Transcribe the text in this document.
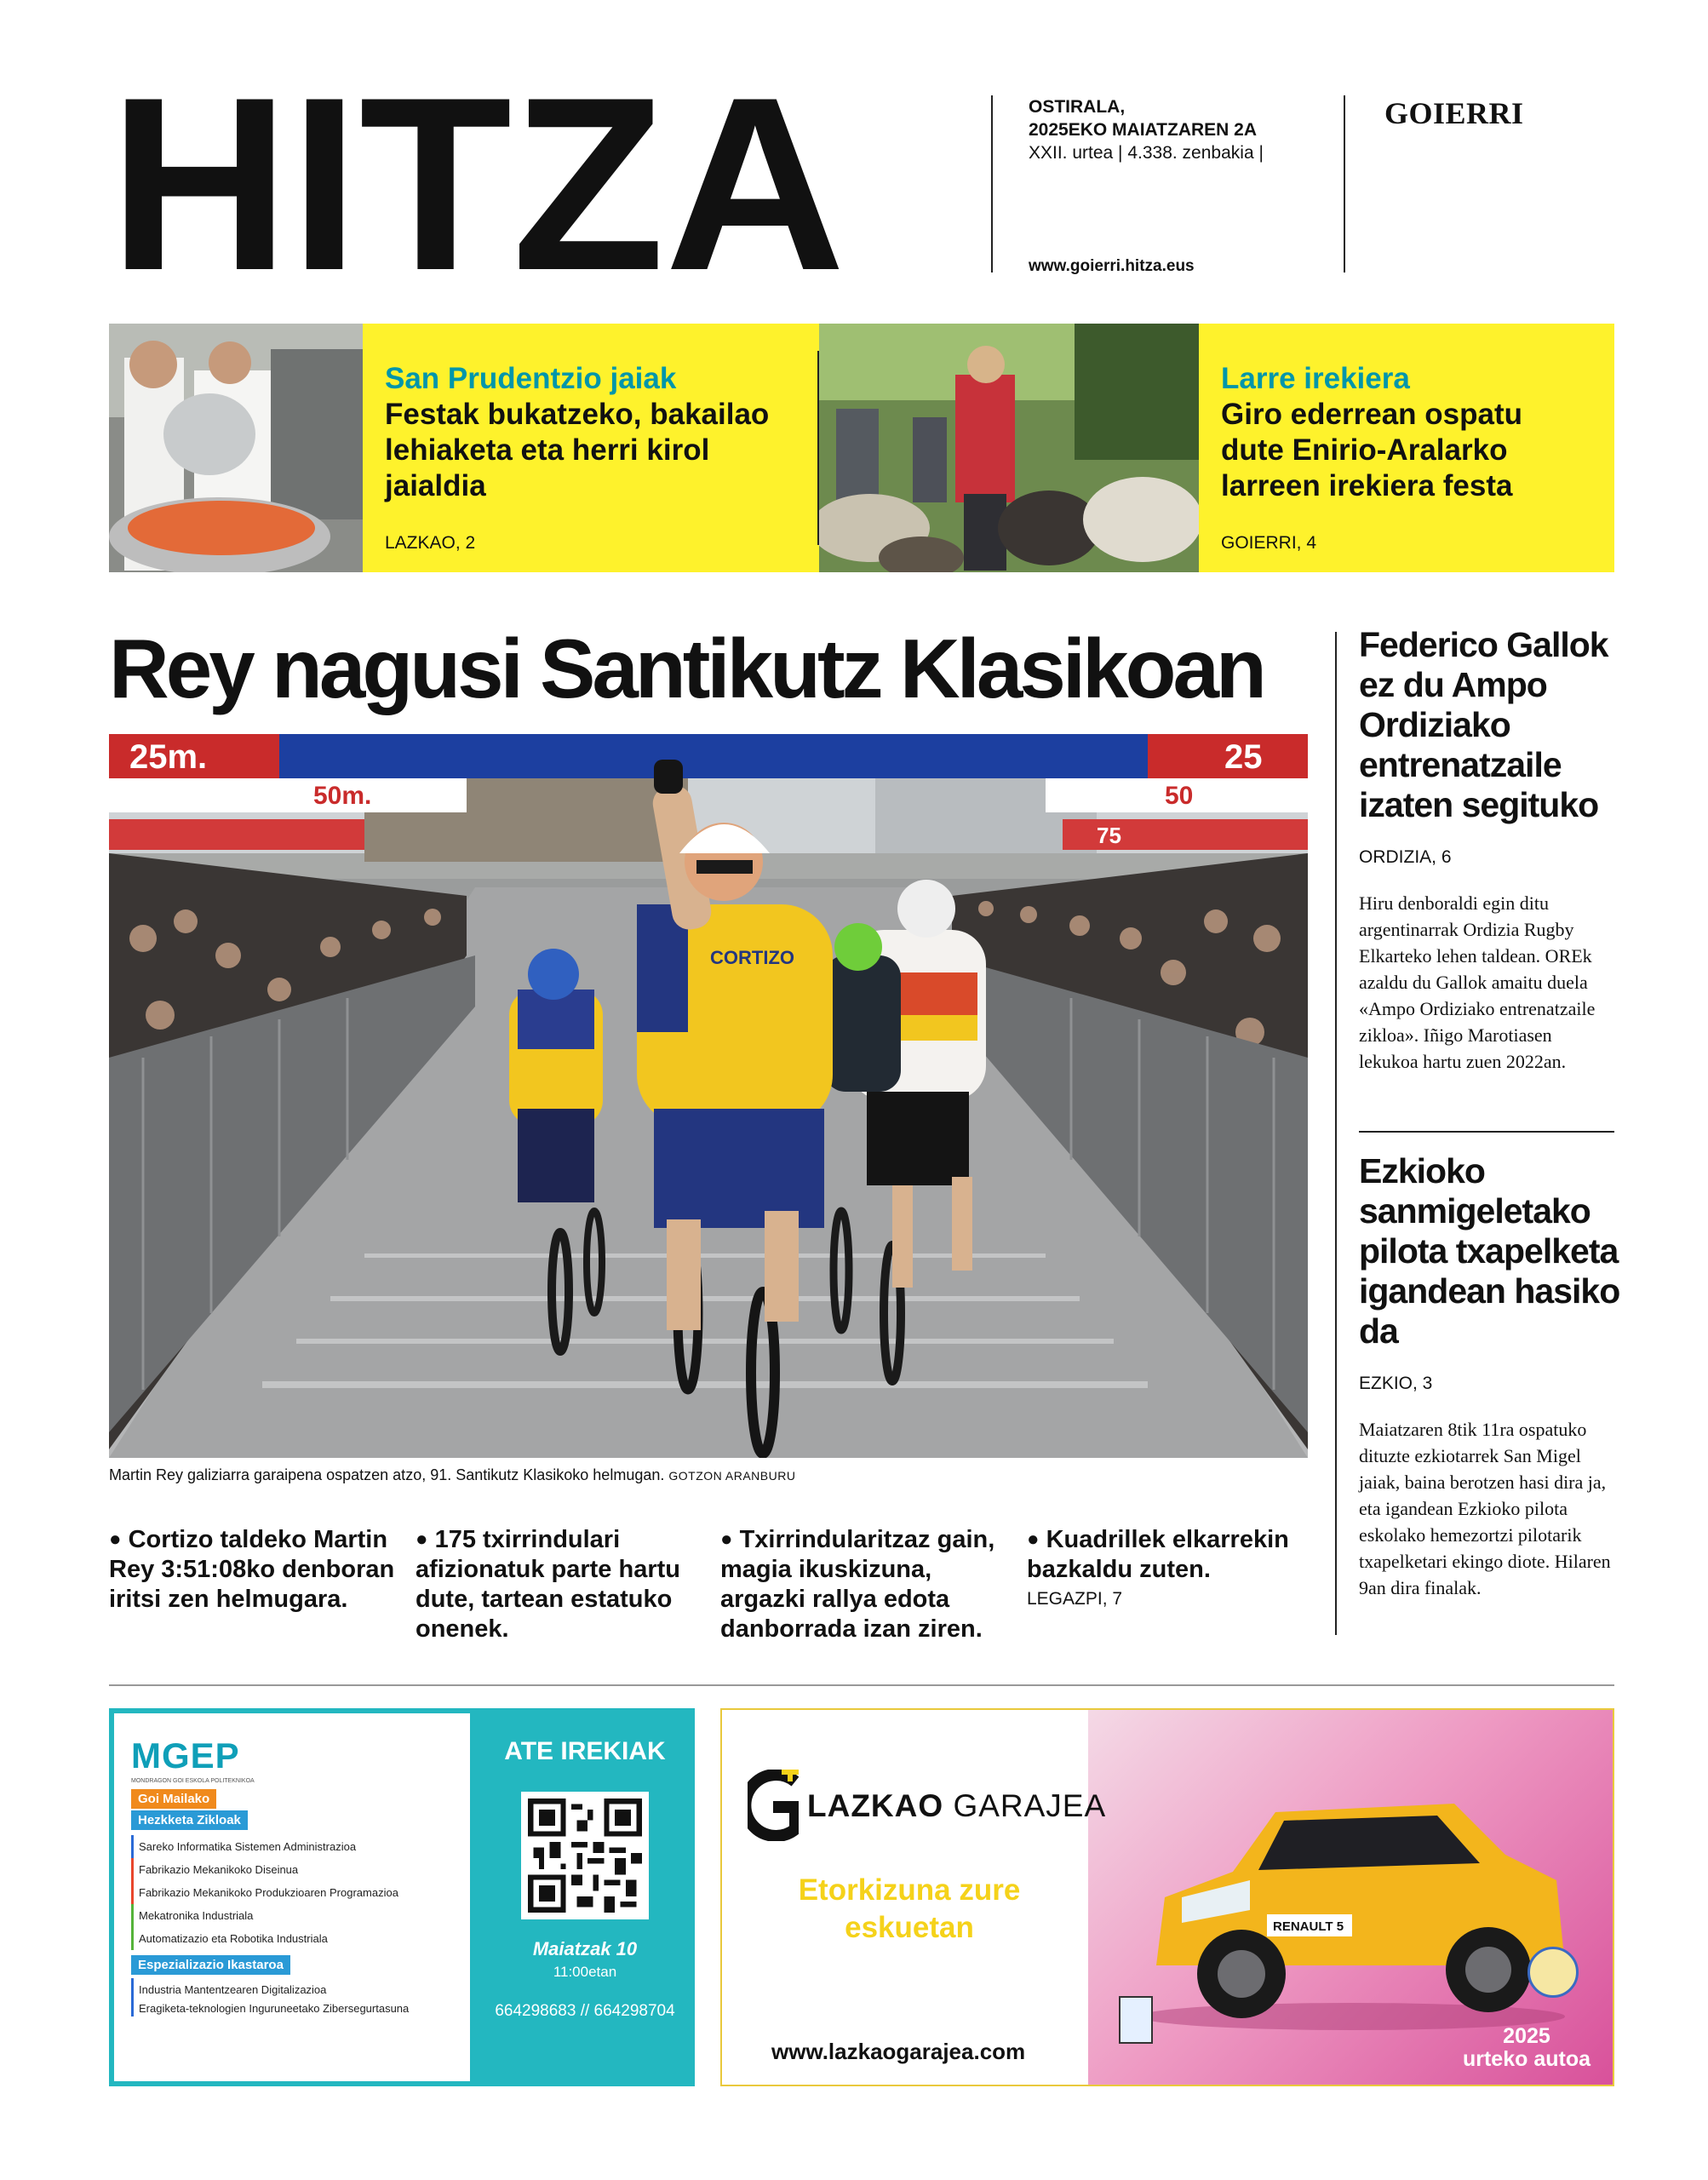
HITZA	OSTIRALA,
2025EKO MAIATZAREN 2A
XXII. urtea | 4.338. zenbakia |
www.goierri.hitza.eus
GOIERRI
San Prudentzio jaiak
Festak bukatzeko, bakailao lehiaketa eta herri kirol jaialdia
LAZKAO, 2
Larre irekiera
Giro ederrean ospatu dute Enirio-Aralarko larreen irekiera festa
GOIERRI, 4
Rey nagusi Santikutz Klasikoan
25m.
50m.
25
50
75
CORTIZO
Martin Rey galiziarra garaipena ospatzen atzo, 91. Santikutz Klasikoko helmugan. GOTZON ARANBURU
● Cortizo taldeko Martin Rey 3:51:08ko denboran iritsi zen helmugara.
● 175 txirrindulari afizionatuk parte hartu dute, tartean estatuko onenek.
● Txirrindularitzaz gain, magia ikuskizuna, argazki rallya edota danborrada izan ziren.
● Kuadrillek elkarrekin bazkaldu zuten.
LEGAZPI, 7
Federico Gallok ez du Ampo Ordiziako entrenatzaile izaten segituko
ORDIZIA, 6
Hiru denboraldi egin ditu argentinarrak Ordizia Rugby Elkarteko lehen taldean. OREk azaldu du Gallok amaitu duela «Ampo Ordiziako entrenatzaile zikloa». Iñigo Marotiasen lekukoa hartu zuen 2022an.
Ezkioko sanmigeletako pilota txapelketa igandean hasiko da
EZKIO, 3
Maiatzaren 8tik 11ra ospatuko dituzte ezkiotarrek San Migel jaiak, baina berotzen hasi dira ja, eta igandean Ezkioko pilota eskolako hemezortzi pilotarik txapelketari ekingo diote. Hilaren 9an dira finalak.
MGEP
MONDRAGON GOI ESKOLA POLITEKNIKOA
Goi Mailako
Hezkketa Zikloak
Sareko Informatika Sistemen Administrazioa
Fabrikazio Mekanikoko Diseinua
Fabrikazio Mekanikoko Produkzioaren Programazioa
Mekatronika Industriala
Automatizazio eta Robotika Industriala
Espezializazio Ikastaroa
Industria Mantentzearen Digitalizazioa
Eragiketa-teknologien Inguruneetako Zibersegurtasuna
ATE IREKIAK
Maiatzak 10
11:00etan
664298683 // 664298704
LAZKAO GARAJEA
Etorkizuna zure eskuetan
www.lazkaogarajea.com
RENAULT 5
2025
urteko autoa
